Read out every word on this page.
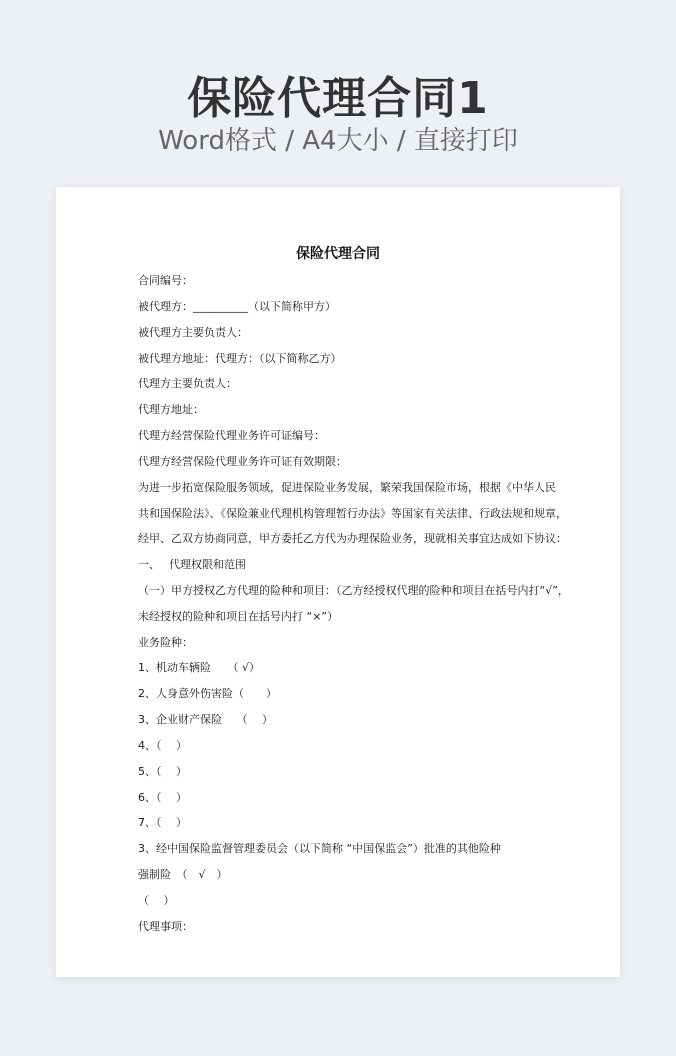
保险代理合同1
Word格式 / A4大小 / 直接打印
保险代理合同
合同编号：
被代理方：__________（以下简称甲方）
被代理方主要负责人：
被代理方地址：代理方：（以下简称乙方）
代理方主要负责人：
代理方地址：
代理方经营保险代理业务许可证编号：
代理方经营保险代理业务许可证有效期限：
为进一步拓宽保险服务领域，促进保险业务发展，繁荣我国保险市场，根据《中华人民
共和国保险法》、《保险兼业代理机构管理暂行办法》等国家有关法律、行政法规和规章，
经甲、乙双方协商同意，甲方委托乙方代为办理保险业务，现就相关事宜达成如下协议：
一、　 代理权限和范围
（一）甲方授权乙方代理的险种和项目：（乙方经授权代理的险种和项目在括号内打“√”，
未经授权的险种和项目在括号内打 “×”）
业务险种：
1、机动车辆险　　（ √）
2、人身意外伤害险（　　）
3、企业财产保险　 （　 ）
4、（　 ）
5、（　 ）
6、（　 ）
7、（　 ）
3、经中国保险监督管理委员会（以下简称 “中国保监会”）批准的其他险种
强制险　（　√　）
（　 ）
代理事项：
